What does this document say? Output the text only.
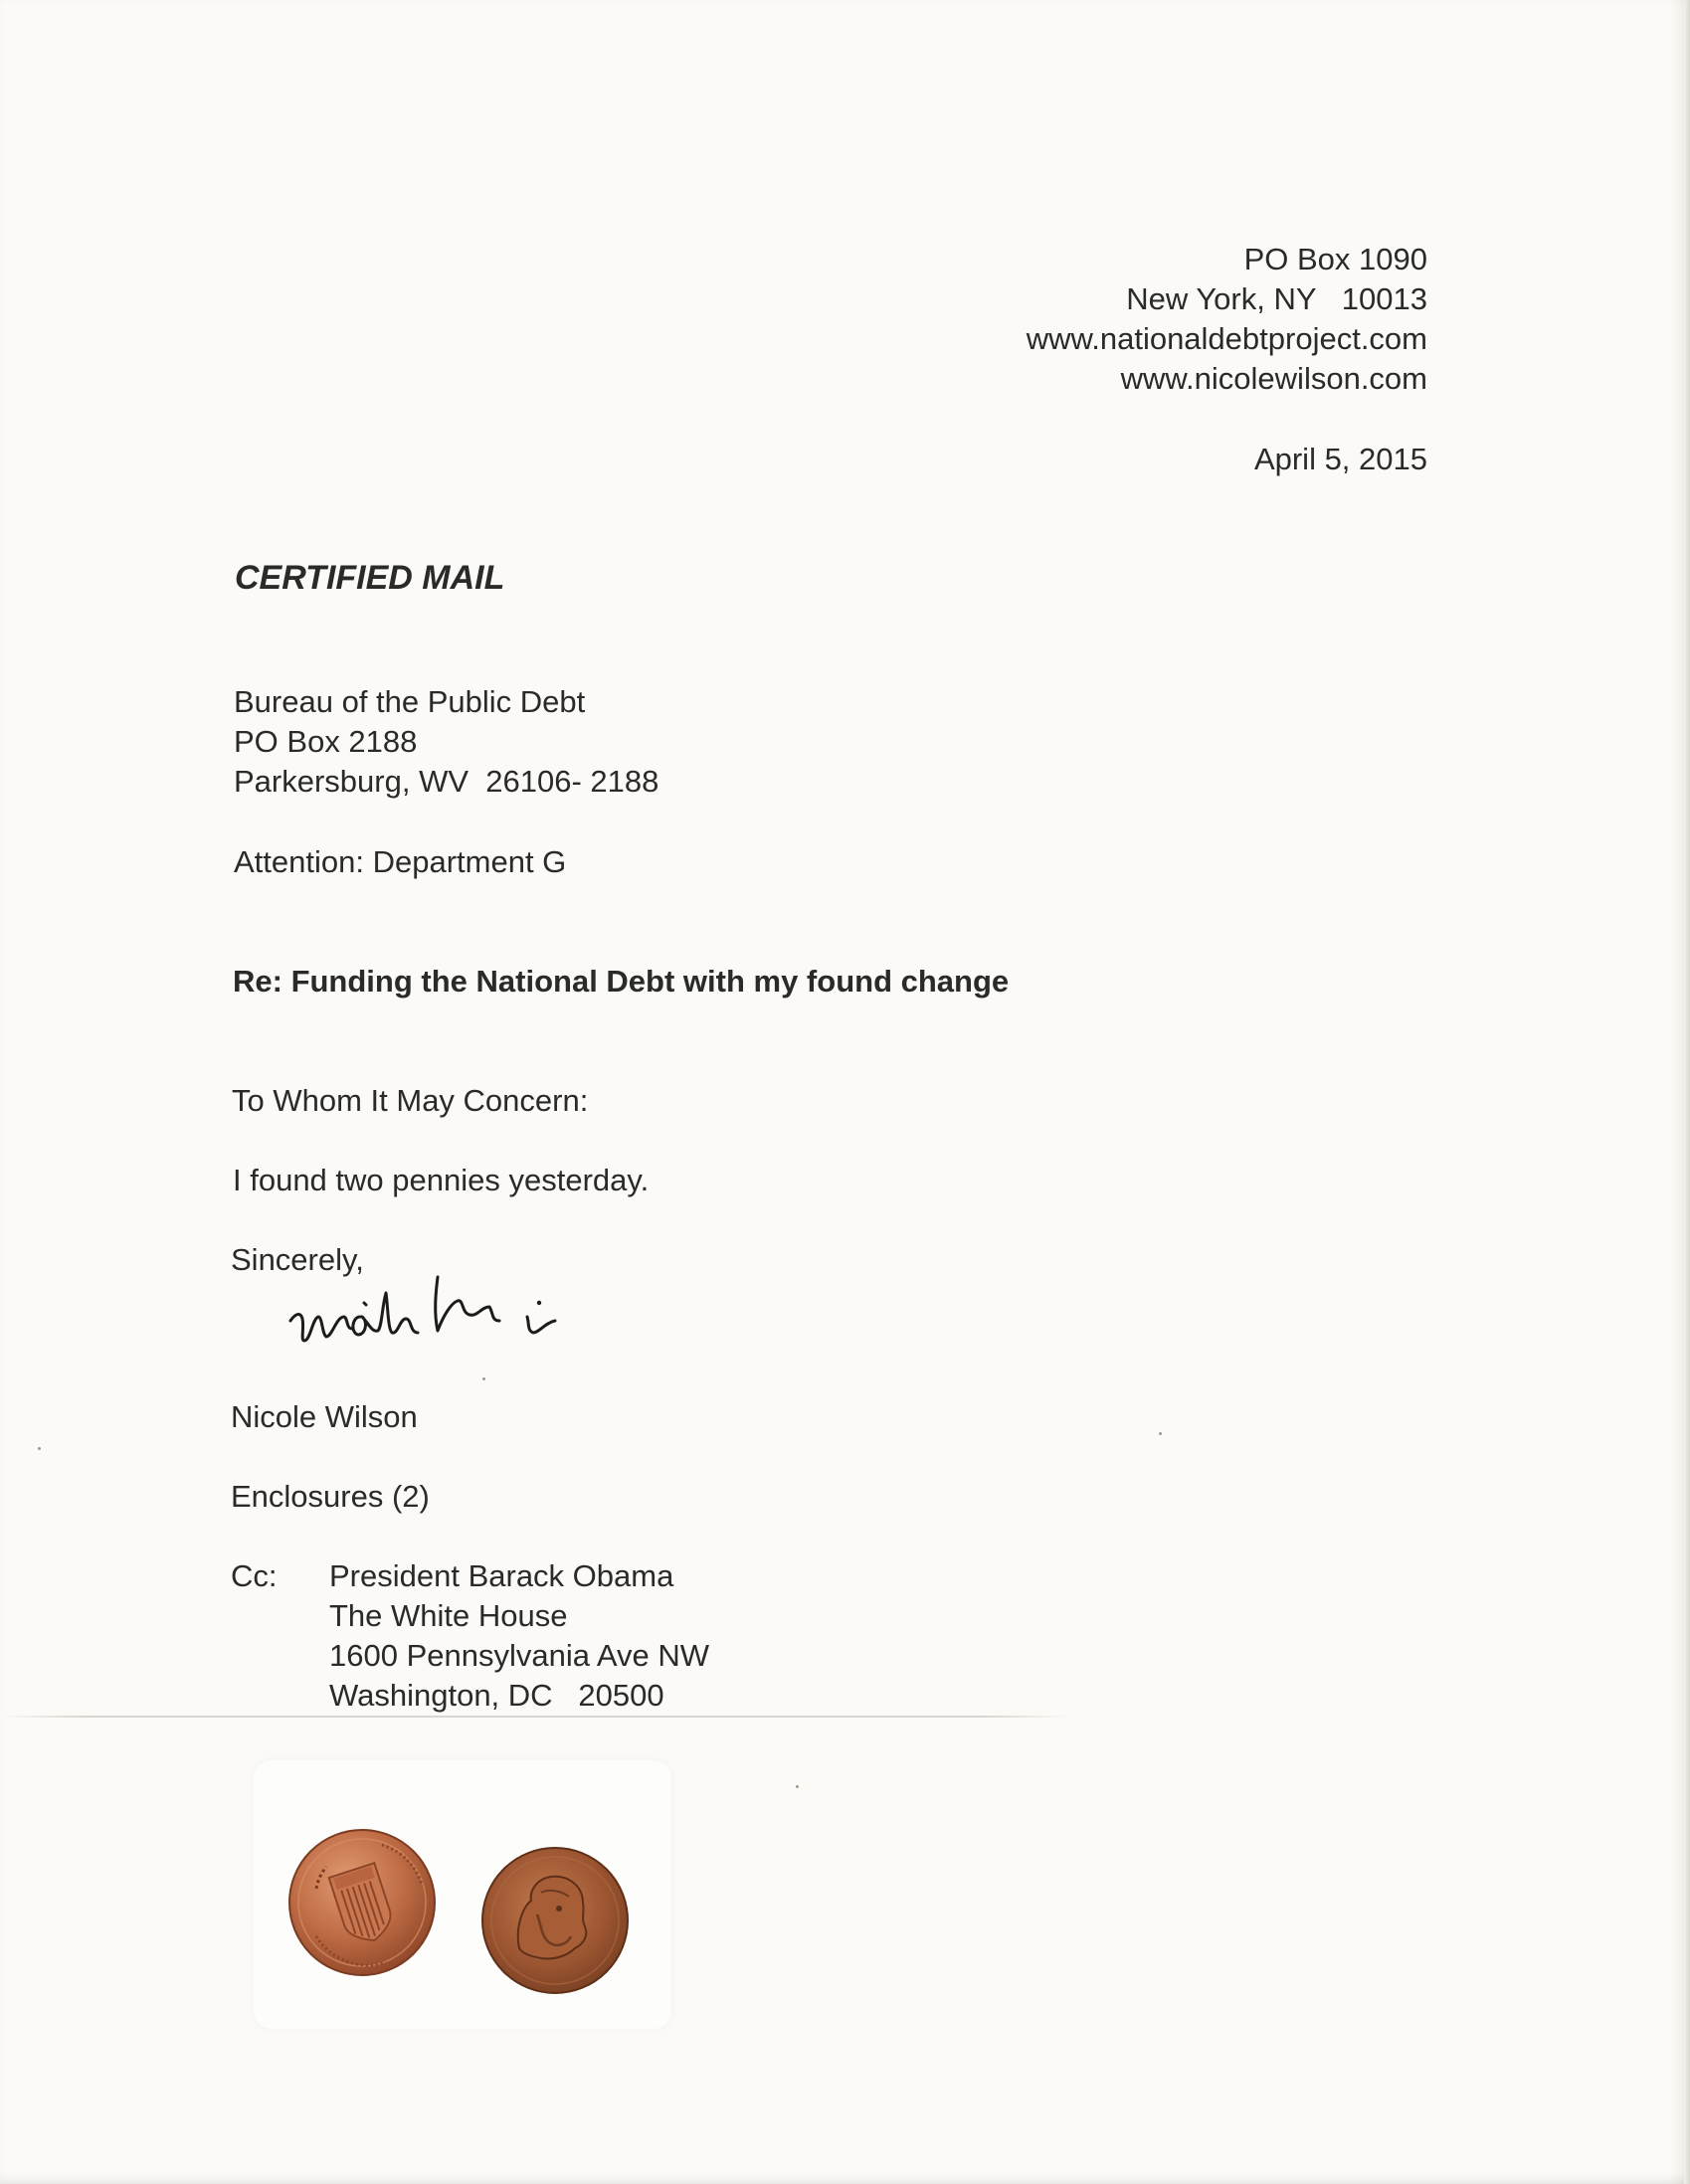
PO Box 1090
New York, NY   10013
www.nationaldebtproject.com
www.nicolewilson.com
April 5, 2015
CERTIFIED MAIL
Bureau of the Public Debt
PO Box 2188
Parkersburg, WV  26106- 2188
Attention: Department G
Re: Funding the National Debt with my found change
To Whom It May Concern:
I found two pennies yesterday.
Sincerely,
Nicole Wilson
Enclosures (2)
Cc: President Barack Obama
The White House
1600 Pennsylvania Ave NW
Washington, DC   20500
